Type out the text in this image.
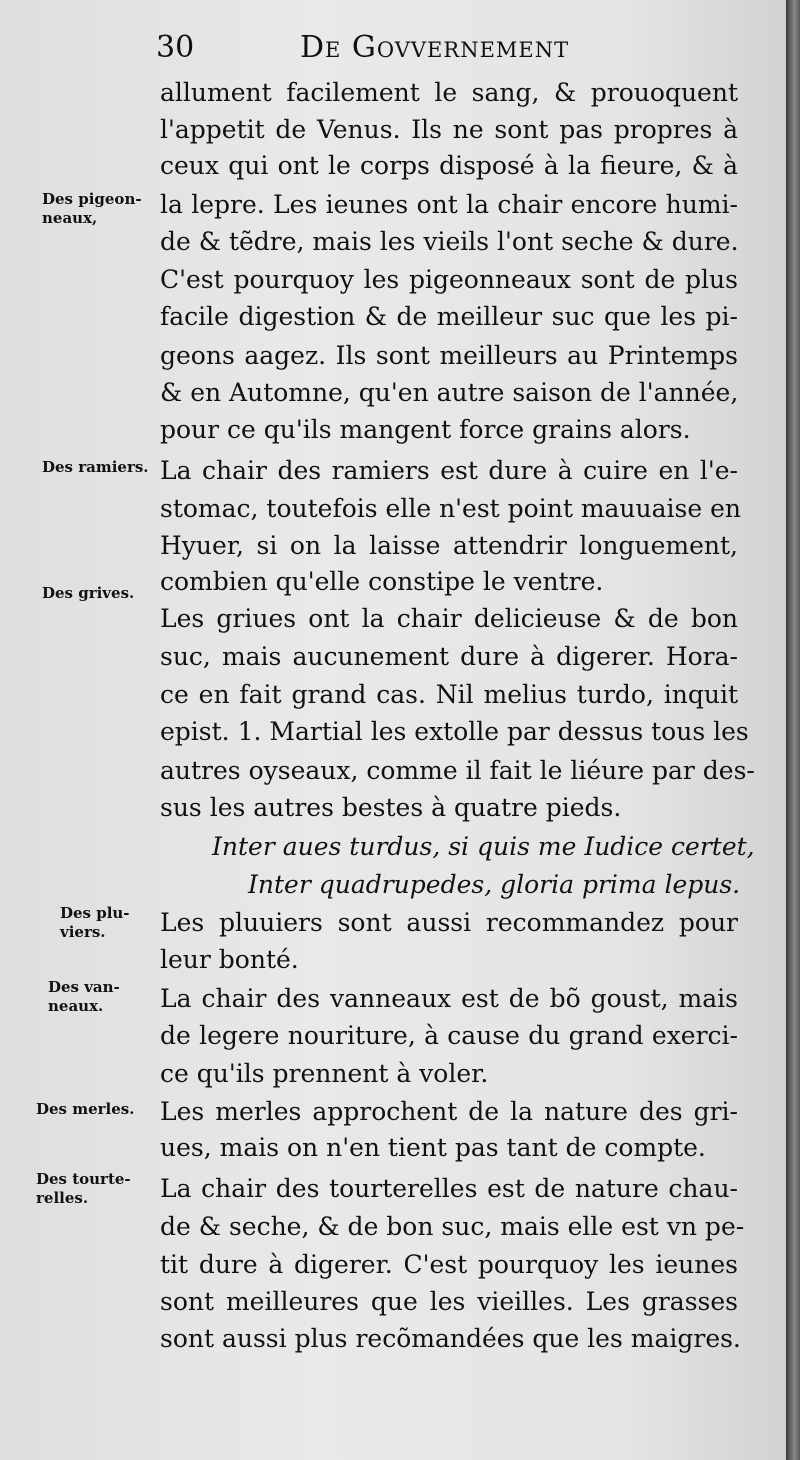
30	De Govvernement
Des pigeon-
neaux,
Des ramiers.
Des grives.
Des plu-
viers.
Des van-
neaux.
Des merles.
Des tourte-
relles.
allument facilement le sang, & prouoquent
l'appetit de Venus. Ils ne sont pas propres à
ceux qui ont le corps disposé à la fieure, & à
la lepre. Les ieunes ont la chair encore humi-
de & tẽdre, mais les vieils l'ont seche & dure.
C'est pourquoy les pigeonneaux sont de plus
facile digestion & de meilleur suc que les pi-
geons aagez. Ils sont meilleurs au Printemps
& en Automne, qu'en autre saison de l'année,
pour ce qu'ils mangent force grains alors.
La chair des ramiers est dure à cuire en l'e-
stomac, toutefois elle n'est point mauuaise en
Hyuer, si on la laisse attendrir longuement,
combien qu'elle constipe le ventre.
Les griues ont la chair delicieuse & de bon
suc, mais aucunement dure à digerer. Hora-
ce en fait grand cas. Nil melius turdo, inquit
epist. 1. Martial les extolle par dessus tous les
autres oyseaux, comme il fait le liéure par des-
sus les autres bestes à quatre pieds.
Inter aues turdus, si quis me Iudice certet,
Inter quadrupedes, gloria prima lepus.
Les pluuiers sont aussi recommandez pour
leur bonté.
La chair des vanneaux est de bõ goust, mais
de legere nouriture, à cause du grand exerci-
ce qu'ils prennent à voler.
Les merles approchent de la nature des gri-
ues, mais on n'en tient pas tant de compte.
La chair des tourterelles est de nature chau-
de & seche, & de bon suc, mais elle est vn pe-
tit dure à digerer. C'est pourquoy les ieunes
sont meilleures que les vieilles. Les grasses
sont aussi plus recõmandées que les maigres.
